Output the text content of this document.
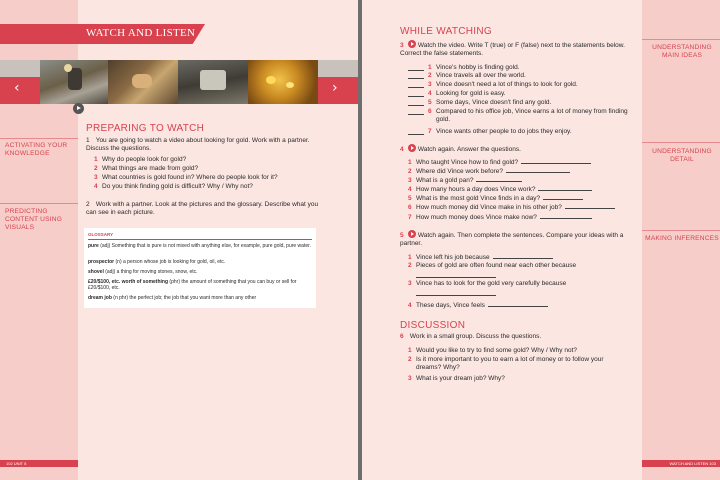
WATCH AND LISTEN
‹	›
ACTIVATING YOUR KNOWLEDGE
PREDICTING CONTENT USING VISUALS
PREPARING TO WATCH
1 You are going to watch a video about looking for gold. Work with a partner. Discuss the questions.
1 Why do people look for gold?
2 What things are made from gold?
3 What countries is gold found in? Where do people look for it?
4 Do you think finding gold is difficult? Why / Why not?
2 Work with a partner. Look at the pictures and the glossary. Describe what you can see in each picture.
GLOSSARY
pure (adj) Something that is pure is not mixed with anything else, for example, pure gold, pure water.
prospector (n) a person whose job is looking for gold, oil, etc.
shovel (adj) a thing for moving stones, snow, etc.
£20/$100, etc. worth of something (phr) the amount of something that you can buy or sell for £20/$100, etc.
dream job (n phr) the perfect job; the job that you want more than any other
102 UNIT 5
UNDERSTANDING MAIN IDEAS
UNDERSTANDING DETAIL
MAKING INFERENCES
WHILE WATCHING
3 Watch the video. Write T (true) or F (false) next to the statements below. Correct the false statements.
4 Watch again. Answer the questions.
5 Watch again. Then complete the sentences. Compare your ideas with a partner.
DISCUSSION
6 Work in a small group. Discuss the questions.
WATCH AND LISTEN 103
1 Vince's hobby is finding gold.
2 Vince travels all over the world.
3 Vince doesn't need a lot of things to look for gold.
4 Looking for gold is easy.
5 Some days, Vince doesn't find any gold.
6 Compared to his office job, Vince earns a lot of money from finding gold.
7 Vince wants other people to do jobs they enjoy.
1 Who taught Vince how to find gold?
2 Where did Vince work before?
3 What is a gold pan?
4 How many hours a day does Vince work?
5 What is the most gold Vince finds in a day?
6 How much money did Vince make in his other job?
7 How much money does Vince make now?
1 Vince left his job because
2 Pieces of gold are often found near each other because
3 Vince has to look for the gold very carefully because
4 These days, Vince feels
1 Would you like to try to find some gold? Why / Why not?
2 Is it more important to you to earn a lot of money or to follow your dreams? Why?
3 What is your dream job? Why?
